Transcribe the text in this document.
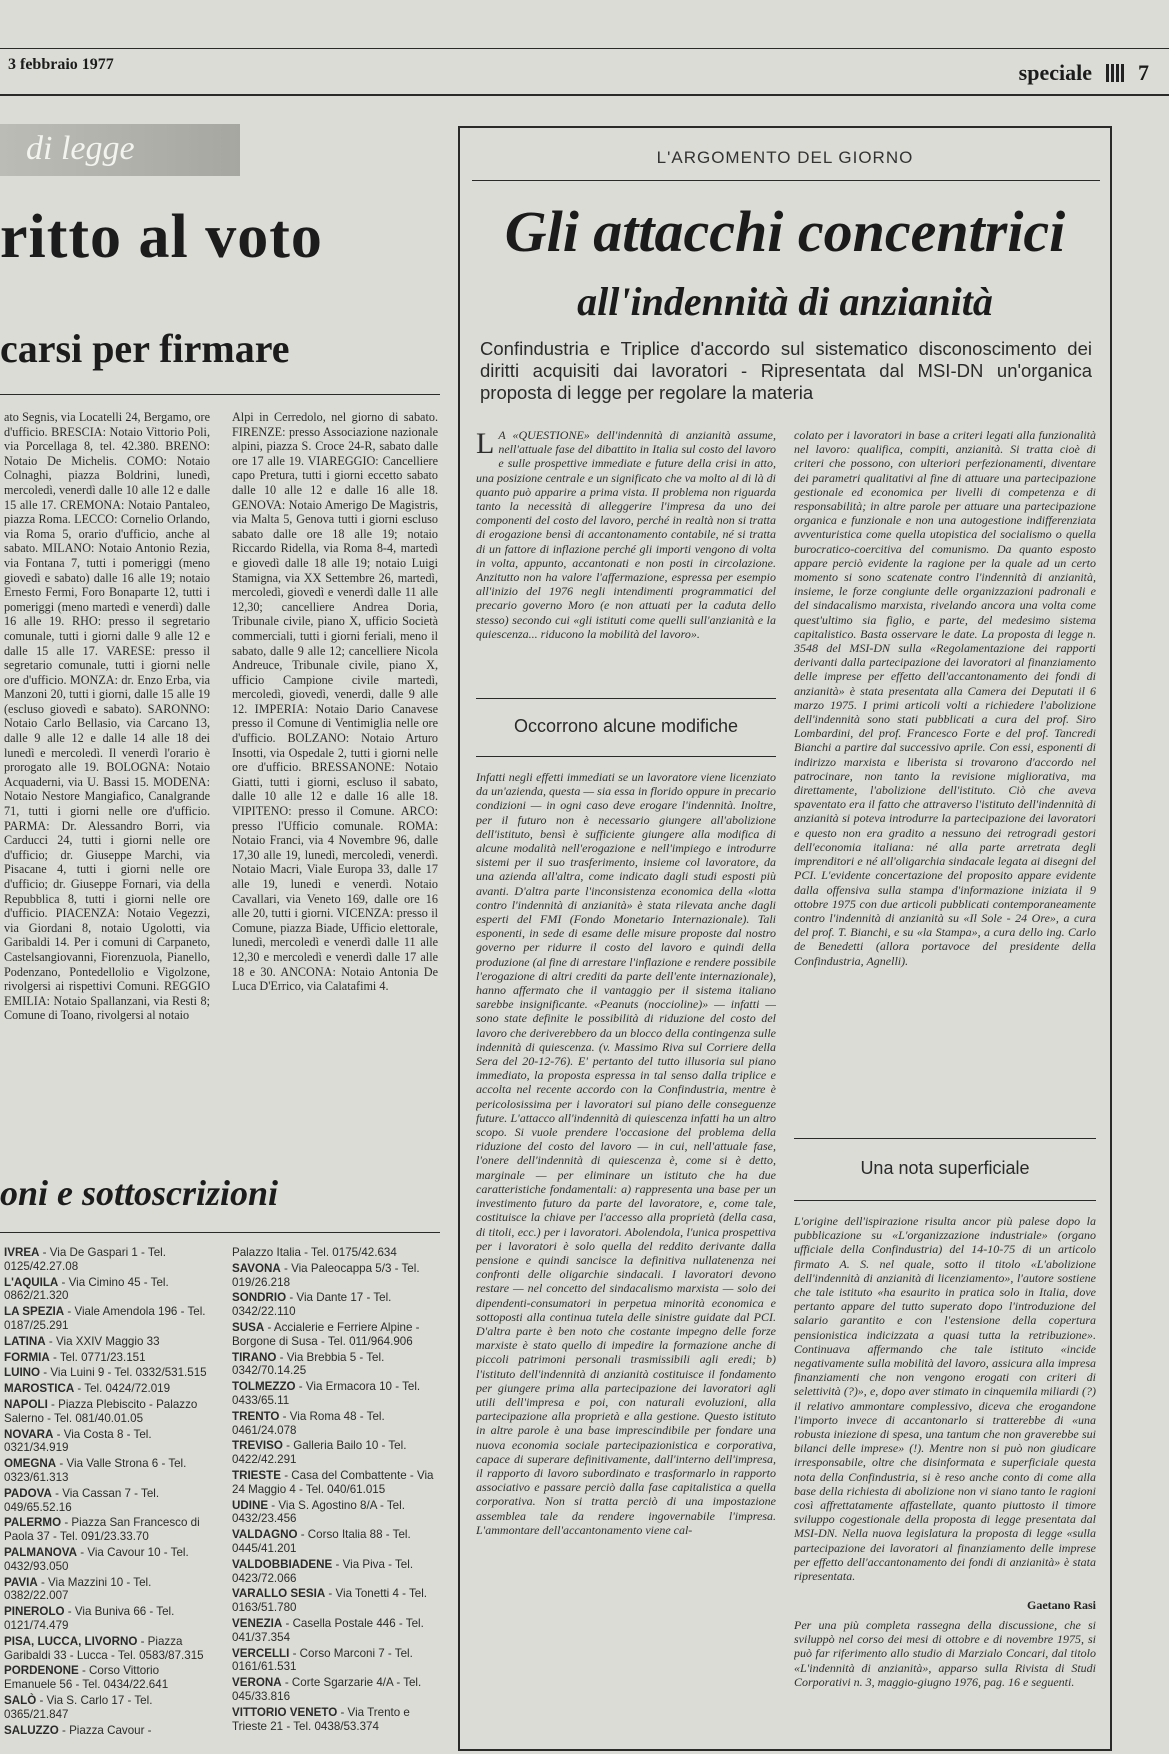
3 febbraio 1977	speciale 7
di legge
ritto al voto
carsi per firmare
ato Segnis, via Locatelli 24, Bergamo, ore d'ufficio. BRESCIA: Notaio Vittorio Poli, via Porcellaga 8, tel. 42.380. BRENO: Notaio De Michelis. COMO: Notaio Colnaghi, piazza Boldrini, lunedì, mercoledì, venerdì dalle 10 alle 12 e dalle 15 alle 17. CREMONA: Notaio Pantaleo, piazza Roma. LECCO: Cornelio Orlando, via Roma 5, orario d'ufficio, anche al sabato. MILANO: Notaio Antonio Rezia, via Fontana 7, tutti i pomeriggi (meno giovedì e sabato) dalle 16 alle 19; notaio Ernesto Fermi, Foro Bonaparte 12, tutti i pomeriggi (meno martedì e venerdì) dalle 16 alle 19. RHO: presso il segretario comunale, tutti i giorni dalle 9 alle 12 e dalle 15 alle 17. VARESE: presso il segretario comunale, tutti i giorni nelle ore d'ufficio. MONZA: dr. Enzo Erba, via Manzoni 20, tutti i giorni, dalle 15 alle 19 (escluso giovedì e sabato). SARONNO: Notaio Carlo Bellasio, via Carcano 13, dalle 9 alle 12 e dalle 14 alle 18 dei lunedì e mercoledì. Il venerdì l'orario è prorogato alle 19. BOLOGNA: Notaio Acquaderni, via U. Bassi 15. MODENA: Notaio Nestore Mangiafico, Canalgrande 71, tutti i giorni nelle ore d'ufficio. PARMA: Dr. Alessandro Borri, via Carducci 24, tutti i giorni nelle ore d'ufficio; dr. Giuseppe Marchi, via Pisacane 4, tutti i giorni nelle ore d'ufficio; dr. Giuseppe Fornari, via della Repubblica 8, tutti i giorni nelle ore d'ufficio. PIACENZA: Notaio Vegezzi, via Giordani 8, notaio Ugolotti, via Garibaldi 14. Per i comuni di Carpaneto, Castelsangiovanni, Fiorenzuola, Pianello, Podenzano, Pontedellolio e Vigolzone, rivolgersi ai rispettivi Comuni. REGGIO EMILIA: Notaio Spallanzani, via Resti 8; Comune di Toano, rivolgersi al notaio
Alpi in Cerredolo, nel giorno di sabato. FIRENZE: presso Associazione nazionale alpini, piazza S. Croce 24-R, sabato dalle ore 17 alle 19. VIAREGGIO: Cancelliere capo Pretura, tutti i giorni eccetto sabato dalle 10 alle 12 e dalle 16 alle 18. GENOVA: Notaio Amerigo De Magistris, via Malta 5, Genova tutti i giorni escluso sabato dalle ore 18 alle 19; notaio Riccardo Ridella, via Roma 8-4, martedì e giovedì dalle 18 alle 19; notaio Luigi Stamigna, via XX Settembre 26, martedì, mercoledì, giovedì e venerdì dalle 11 alle 12,30; cancelliere Andrea Doria, Tribunale civile, piano X, ufficio Società commerciali, tutti i giorni feriali, meno il sabato, dalle 9 alle 12; cancelliere Nicola Andreuce, Tribunale civile, piano X, ufficio Campione civile martedì, mercoledì, giovedì, venerdì, dalle 9 alle 12. IMPERIA: Notaio Dario Canavese presso il Comune di Ventimiglia nelle ore d'ufficio. BOLZANO: Notaio Arturo Insotti, via Ospedale 2, tutti i giorni nelle ore d'ufficio. BRESSANONE: Notaio Giatti, tutti i giorni, escluso il sabato, dalle 10 alle 12 e dalle 16 alle 18. VIPITENO: presso il Comune. ARCO: presso l'Ufficio comunale. ROMA: Notaio Franci, via 4 Novembre 96, dalle 17,30 alle 19, lunedì, mercoledì, venerdì. Notaio Macri, Viale Europa 33, dalle 17 alle 19, lunedì e venerdì. Notaio Cavallari, via Veneto 169, dalle ore 16 alle 20, tutti i giorni. VICENZA: presso il Comune, piazza Biade, Ufficio elettorale, lunedì, mercoledì e venerdì dalle 11 alle 12,30 e mercoledì e venerdì dalle 17 alle 18 e 30. ANCONA: Notaio Antonia De Luca D'Errico, via Calatafimi 4.
oni e sottoscrizioni
IVREA - Via De Gaspari 1 - Tel. 0125/42.27.08
L'AQUILA - Via Cimino 45 - Tel. 0862/21.320
LA SPEZIA - Viale Amendola 196 - Tel. 0187/25.291
LATINA - Via XXIV Maggio 33
FORMIA - Tel. 0771/23.151
LUINO - Via Luini 9 - Tel. 0332/531.515
MAROSTICA - Tel. 0424/72.019
NAPOLI - Piazza Plebiscito - Palazzo Salerno - Tel. 081/40.01.05
NOVARA - Via Costa 8 - Tel. 0321/34.919
OMEGNA - Via Valle Strona 6 - Tel. 0323/61.313
PADOVA - Via Cassan 7 - Tel. 049/65.52.16
PALERMO - Piazza San Francesco di Paola 37 - Tel. 091/23.33.70
PALMANOVA - Via Cavour 10 - Tel. 0432/93.050
PAVIA - Via Mazzini 10 - Tel. 0382/22.007
PINEROLO - Via Buniva 66 - Tel. 0121/74.479
PISA, LUCCA, LIVORNO - Piazza Garibaldi 33 - Lucca - Tel. 0583/87.315
PORDENONE - Corso Vittorio Emanuele 56 - Tel. 0434/22.641
SALÒ - Via S. Carlo 17 - Tel. 0365/21.847
SALUZZO - Piazza Cavour -
Palazzo Italia - Tel. 0175/42.634
SAVONA - Via Paleocappa 5/3 - Tel. 019/26.218
SONDRIO - Via Dante 17 - Tel. 0342/22.110
SUSA - Accialerie e Ferriere Alpine - Borgone di Susa - Tel. 011/964.906
TIRANO - Via Brebbia 5 - Tel. 0342/70.14.25
TOLMEZZO - Via Ermacora 10 - Tel. 0433/65.11
TRENTO - Via Roma 48 - Tel. 0461/24.078
TREVISO - Galleria Bailo 10 - Tel. 0422/42.291
TRIESTE - Casa del Combattente - Via 24 Maggio 4 - Tel. 040/61.015
UDINE - Via S. Agostino 8/A - Tel. 0432/23.456
VALDAGNO - Corso Italia 88 - Tel. 0445/41.201
VALDOBBIADENE - Via Piva - Tel. 0423/72.066
VARALLO SESIA - Via Tonetti 4 - Tel. 0163/51.780
VENEZIA - Casella Postale 446 - Tel. 041/37.354
VERCELLI - Corso Marconi 7 - Tel. 0161/61.531
VERONA - Corte Sgarzarie 4/A - Tel. 045/33.816
VITTORIO VENETO - Via Trento e Trieste 21 - Tel. 0438/53.374
L'ARGOMENTO DEL GIORNO
Gli attacchi concentrici
all'indennità di anzianità
Confindustria e Triplice d'accordo sul sistematico disconoscimento dei diritti acquisiti dai lavoratori - Ripresentata dal MSI-DN un'organica proposta di legge per regolare la materia
L A «QUESTIONE» dell'indennità di anzianità assume, nell'attuale fase del dibattito in Italia sul costo del lavoro e sulle prospettive immediate e future della crisi in atto, una posizione centrale e un significato che va molto al di là di quanto può apparire a prima vista. Il problema non riguarda tanto la necessità di alleggerire l'impresa da uno dei componenti del costo del lavoro, perché in realtà non si tratta di erogazione bensì di accantonamento contabile, né si tratta di un fattore di inflazione perché gli importi vengono di volta in volta, appunto, accantonati e non posti in circolazione. Anzitutto non ha valore l'affermazione, espressa per esempio all'inizio del 1976 negli intendimenti programmatici del precario governo Moro (e non attuati per la caduta dello stesso) secondo cui «gli istituti come quelli sull'anzianità e la quiescenza... riducono la mobilità del lavoro».
Occorrono alcune modifiche
Infatti negli effetti immediati se un lavoratore viene licenziato da un'azienda, questa — sia essa in florido oppure in precario condizioni — in ogni caso deve erogare l'indennità. Inoltre, per il futuro non è necessario giungere all'abolizione dell'istituto, bensì è sufficiente giungere alla modifica di alcune modalità nell'erogazione e nell'impiego e introdurre sistemi per il suo trasferimento, insieme col lavoratore, da una azienda all'altra, come indicato dagli studi esposti più avanti. D'altra parte l'inconsistenza economica della «lotta contro l'indennità di anzianità» è stata rilevata anche dagli esperti del FMI (Fondo Monetario Internazionale). Tali esponenti, in sede di esame delle misure proposte dal nostro governo per ridurre il costo del lavoro e quindi della produzione (al fine di arrestare l'inflazione e rendere possibile l'erogazione di altri crediti da parte dell'ente internazionale), hanno affermato che il vantaggio per il sistema italiano sarebbe insignificante. «Peanuts (noccioline)» — infatti — sono state definite le possibilità di riduzione del costo del lavoro che deriverebbero da un blocco della contingenza sulle indennità di quiescenza. (v. Massimo Riva sul Corriere della Sera del 20-12-76). E' pertanto del tutto illusoria sul piano immediato, la proposta espressa in tal senso dalla triplice e accolta nel recente accordo con la Confindustria, mentre è pericolosissima per i lavoratori sul piano delle conseguenze future. L'attacco all'indennità di quiescenza infatti ha un altro scopo. Si vuole prendere l'occasione del problema della riduzione del costo del lavoro — in cui, nell'attuale fase, l'onere dell'indennità di quiescenza è, come si è detto, marginale — per eliminare un istituto che ha due caratteristiche fondamentali: a) rappresenta una base per un investimento futuro da parte del lavoratore, e, come tale, costituisce la chiave per l'accesso alla proprietà (della casa, di titoli, ecc.) per i lavoratori. Abolendola, l'unica prospettiva per i lavoratori è solo quella del reddito derivante dalla pensione e quindi sancisce la definitiva nullatenenza nei confronti delle oligarchie sindacali. I lavoratori devono restare — nel concetto del sindacalismo marxista — solo dei dipendenti-consumatori in perpetua minorità economica e sottoposti alla continua tutela delle sinistre guidate dal PCI. D'altra parte è ben noto che costante impegno delle forze marxiste è stato quello di impedire la formazione anche di piccoli patrimoni personali trasmissibili agli eredi; b) l'istituto dell'indennità di anzianità costituisce il fondamento per giungere prima alla partecipazione dei lavoratori agli utili dell'impresa e poi, con naturali evoluzioni, alla partecipazione alla proprietà e alla gestione. Questo istituto in altre parole è una base imprescindibile per fondare una nuova economia sociale partecipazionistica e corporativa, capace di superare definitivamente, dall'interno dell'impresa, il rapporto di lavoro subordinato e trasformarlo in rapporto associativo e passare perciò dalla fase capitalistica a quella corporativa. Non si tratta perciò di una impostazione assemblea tale da rendere ingovernabile l'impresa. L'ammontare dell'accantonamento viene cal-
colato per i lavoratori in base a criteri legati alla funzionalità nel lavoro: qualifica, compiti, anzianità. Si tratta cioè di criteri che possono, con ulteriori perfezionamenti, diventare dei parametri qualitativi al fine di attuare una partecipazione gestionale ed economica per livelli di competenza e di responsabilità; in altre parole per attuare una partecipazione organica e funzionale e non una autogestione indifferenziata avventuristica come quella utopistica del socialismo o quella burocratico-coercitiva del comunismo. Da quanto esposto appare perciò evidente la ragione per la quale ad un certo momento si sono scatenate contro l'indennità di anzianità, insieme, le forze congiunte delle organizzazioni padronali e del sindacalismo marxista, rivelando ancora una volta come quest'ultimo sia figlio, e parte, del medesimo sistema capitalistico. Basta osservare le date. La proposta di legge n. 3548 del MSI-DN sulla «Regolamentazione dei rapporti derivanti dalla partecipazione dei lavoratori al finanziamento delle imprese per effetto dell'accantonamento dei fondi di anzianità» è stata presentata alla Camera dei Deputati il 6 marzo 1975. I primi articoli volti a richiedere l'abolizione dell'indennità sono stati pubblicati a cura del prof. Siro Lombardini, del prof. Francesco Forte e del prof. Tancredi Bianchi a partire dal successivo aprile. Con essi, esponenti di indirizzo marxista e liberista si trovarono d'accordo nel patrocinare, non tanto la revisione migliorativa, ma direttamente, l'abolizione dell'istituto. Ciò che aveva spaventato era il fatto che attraverso l'istituto dell'indennità di anzianità si poteva introdurre la partecipazione dei lavoratori e questo non era gradito a nessuno dei retrogradi gestori dell'economia italiana: né alla parte arretrata degli imprenditori e né all'oligarchia sindacale legata ai disegni del PCI. L'evidente concertazione del proposito appare evidente dalla offensiva sulla stampa d'informazione iniziata il 9 ottobre 1975 con due articoli pubblicati contemporaneamente contro l'indennità di anzianità su «Il Sole - 24 Ore», a cura del prof. T. Bianchi, e su «la Stampa», a cura dello ing. Carlo de Benedetti (allora portavoce del presidente della Confindustria, Agnelli).
Una nota superficiale
L'origine dell'ispirazione risulta ancor più palese dopo la pubblicazione su «L'organizzazione industriale» (organo ufficiale della Confindustria) del 14-10-75 di un articolo firmato A. S. nel quale, sotto il titolo «L'abolizione dell'indennità di anzianità di licenziamento», l'autore sostiene che tale istituto «ha esaurito in pratica solo in Italia, dove pertanto appare del tutto superato dopo l'introduzione del salario garantito e con l'estensione della copertura pensionistica indicizzata a quasi tutta la retribuzione». Continuava affermando che tale istituto «incide negativamente sulla mobilità del lavoro, assicura alla impresa finanziamenti che non vengono erogati con criteri di selettività (?)», e, dopo aver stimato in cinquemila miliardi (?) il relativo ammontare complessivo, diceva che erogandone l'importo invece di accantonarlo si tratterebbe di «una robusta iniezione di spesa, una tantum che non graverebbe sui bilanci delle imprese» (!). Mentre non si può non giudicare irresponsabile, oltre che disinformata e superficiale questa nota della Confindustria, si è reso anche conto di come alla base della richiesta di abolizione non vi siano tanto le ragioni così affrettatamente affastellate, quanto piuttosto il timore sviluppo cogestionale della proposta di legge presentata dal MSI-DN. Nella nuova legislatura la proposta di legge «sulla partecipazione dei lavoratori al finanziamento delle imprese per effetto dell'accantonamento dei fondi di anzianità» è stata ripresentata.
Gaetano Rasi
Per una più completa rassegna della discussione, che si sviluppò nel corso dei mesi di ottobre e di novembre 1975, si può far riferimento allo studio di Marzialo Concari, dal titolo «L'indennità di anzianità», apparso sulla Rivista di Studi Corporativi n. 3, maggio-giugno 1976, pag. 16 e seguenti.
